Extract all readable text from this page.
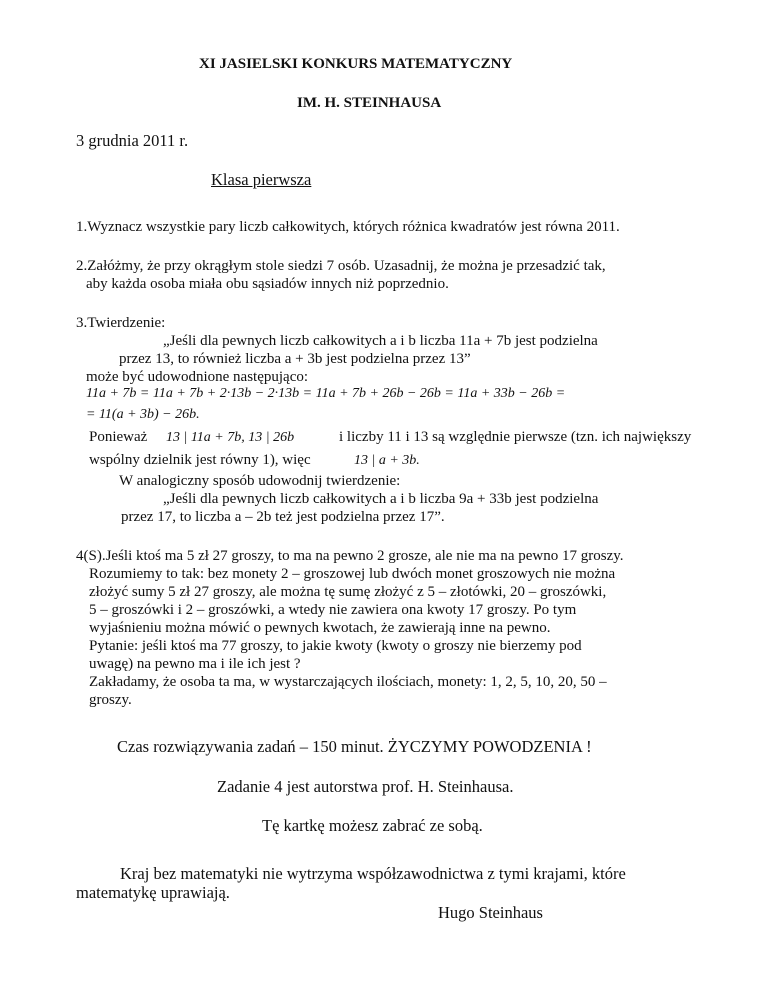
XI JASIELSKI KONKURS MATEMATYCZNY
IM. H. STEINHAUSA
3 grudnia 2011 r.
Klasa pierwsza
1.Wyznacz wszystkie pary liczb całkowitych, których różnica kwadratów jest równa 2011.
2.Załóżmy, że przy okrągłym stole siedzi 7 osób. Uzasadnij, że można je przesadzić tak,
aby każda osoba miała obu sąsiadów innych niż poprzednio.
3.Twierdzenie:
„Jeśli dla pewnych liczb całkowitych a i b liczba 11a + 7b jest podzielna
przez 13, to również liczba a + 3b jest podzielna przez 13”
może być udowodnione następująco:
11a + 7b = 11a + 7b + 2·13b − 2·13b = 11a + 7b + 26b − 26b = 11a + 33b − 26b =
= 11(a + 3b) − 26b.
Ponieważ 13 | 11a + 7b, 13 | 26b	i liczby 11 i 13 są względnie pierwsze (tzn. ich największy
wspólny dzielnik jest równy 1), więc	13 | a + 3b.
W analogiczny sposób udowodnij twierdzenie:
„Jeśli dla pewnych liczb całkowitych a i b liczba 9a + 33b jest podzielna
przez 17, to liczba a – 2b też jest podzielna przez 17”.
4(S).Jeśli ktoś ma 5 zł 27 groszy, to ma na pewno 2 grosze, ale nie ma na pewno 17 groszy.
Rozumiemy to tak: bez monety 2 – groszowej lub dwóch monet groszowych nie można
złożyć sumy 5 zł 27 groszy, ale można tę sumę złożyć z 5 – złotówki, 20 – groszówki,
5 – groszówki i 2 – groszówki, a wtedy nie zawiera ona kwoty 17 groszy. Po tym
wyjaśnieniu można mówić o pewnych kwotach, że zawierają inne na pewno.
Pytanie: jeśli ktoś ma 77 groszy, to jakie kwoty (kwoty o groszy nie bierzemy pod
uwagę) na pewno ma i ile ich jest ?
Zakładamy, że osoba ta ma, w wystarczających ilościach, monety: 1, 2, 5, 10, 20, 50 –
groszy.
Czas rozwiązywania zadań – 150 minut. ŻYCZYMY POWODZENIA !
Zadanie 4 jest autorstwa prof. H. Steinhausa.
Tę kartkę możesz zabrać ze sobą.
Kraj bez matematyki nie wytrzyma współzawodnictwa z tymi krajami, które
matematykę uprawiają.
Hugo Steinhaus
